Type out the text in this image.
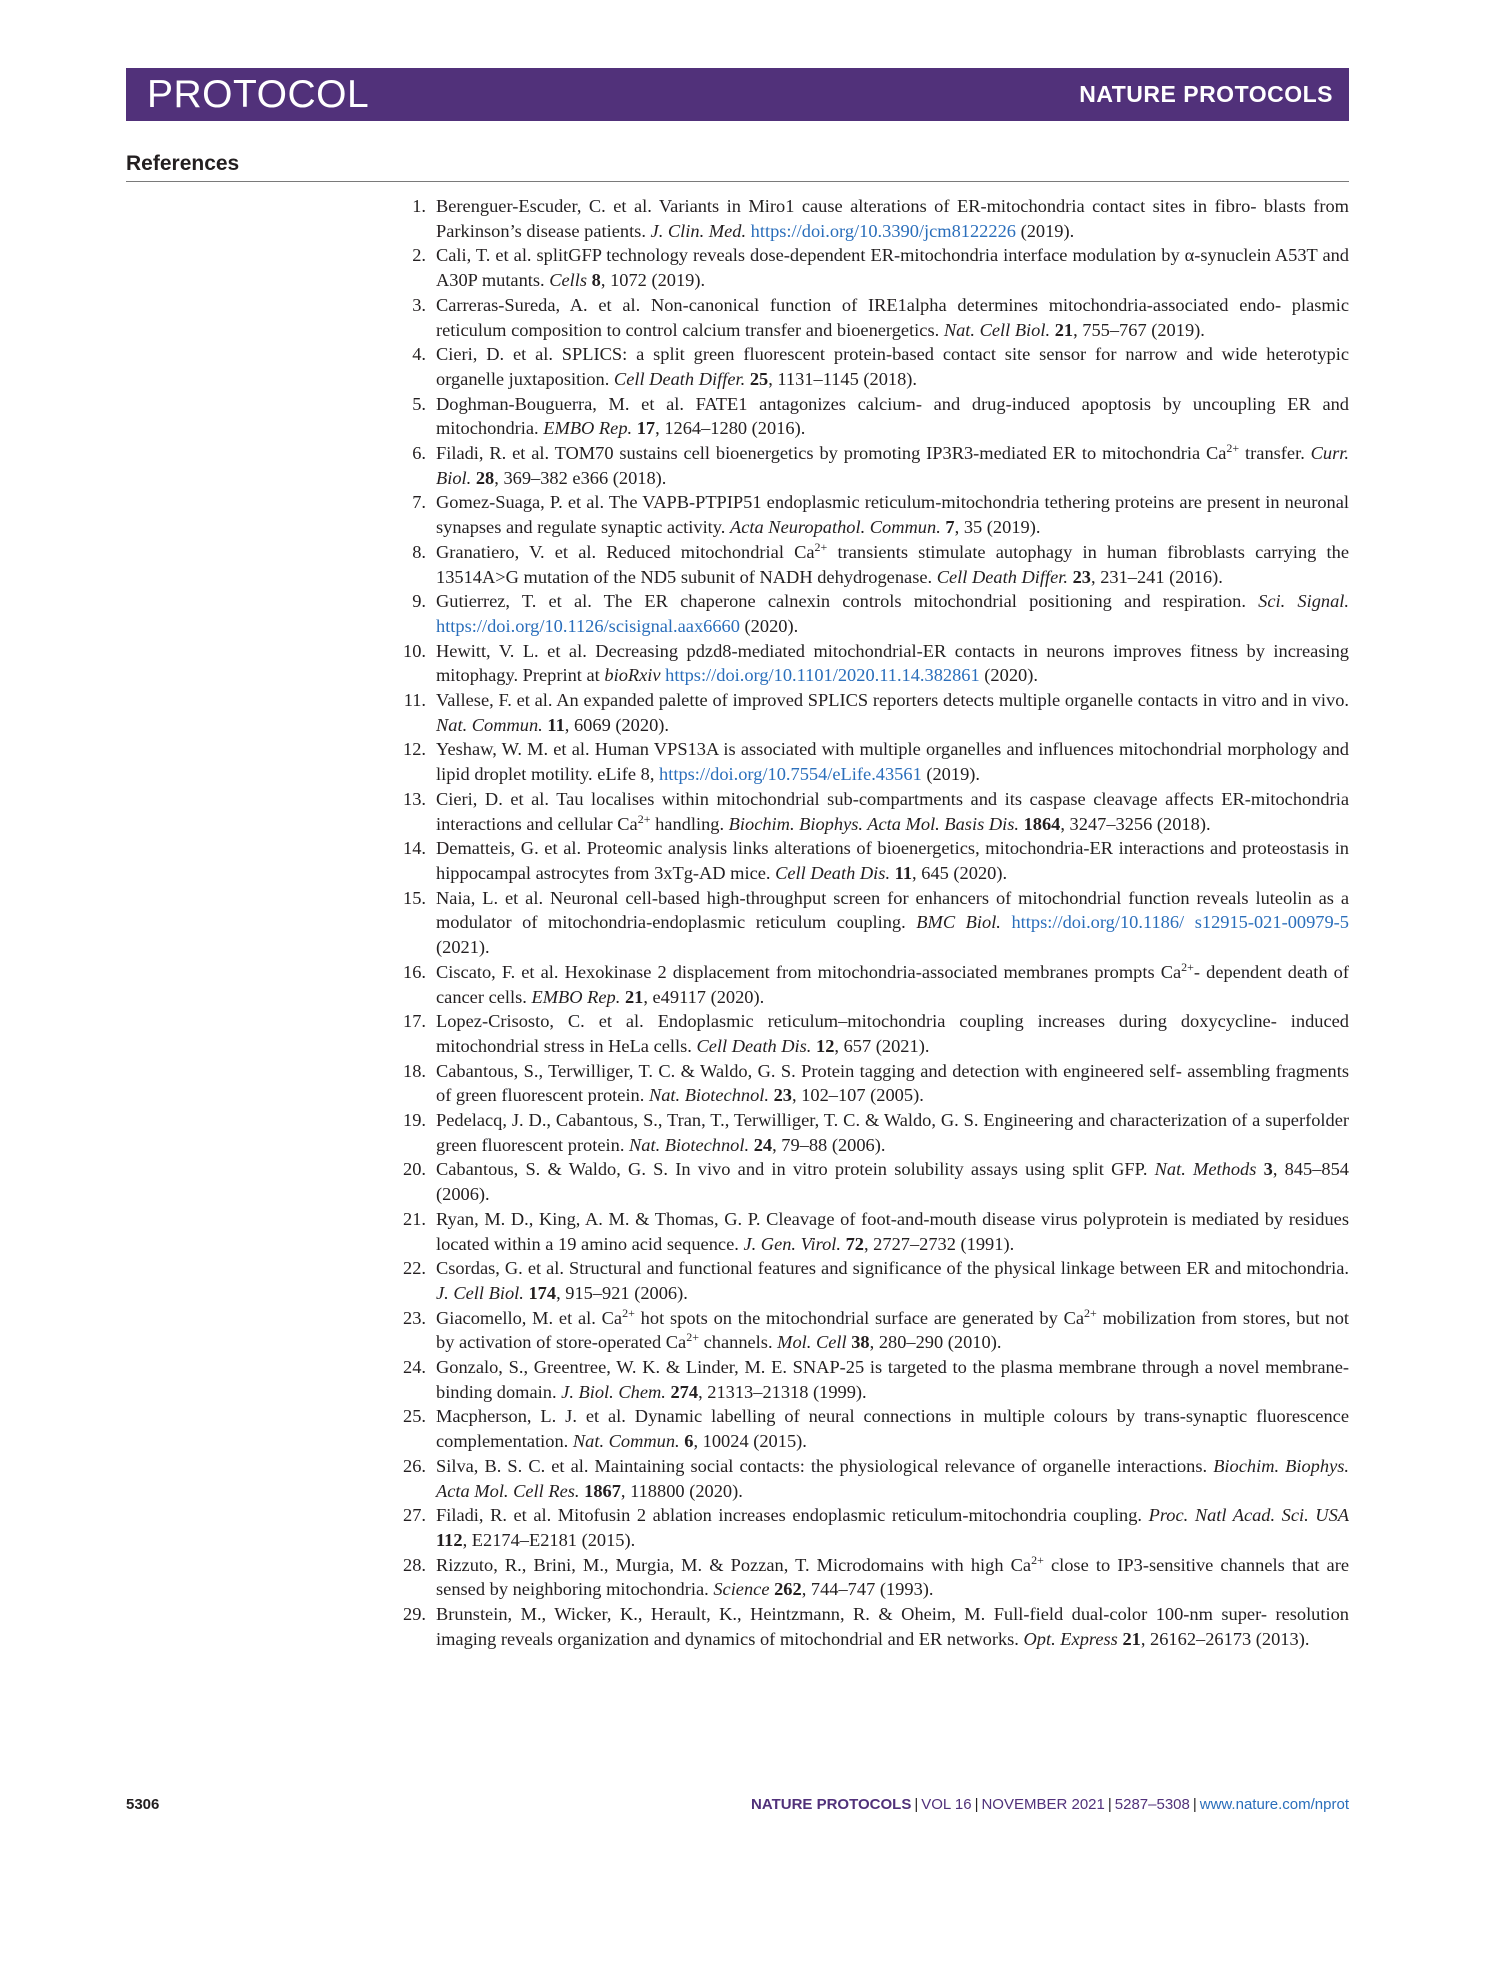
PROTOCOL	NATURE PROTOCOLS
References
1. Berenguer-Escuder, C. et al. Variants in Miro1 cause alterations of ER-mitochondria contact sites in fibro- blasts from Parkinson’s disease patients. J. Clin. Med. https://doi.org/10.3390/jcm8122226 (2019).
2. Cali, T. et al. splitGFP technology reveals dose-dependent ER-mitochondria interface modulation by α-synuclein A53T and A30P mutants. Cells 8, 1072 (2019).
3. Carreras-Sureda, A. et al. Non-canonical function of IRE1alpha determines mitochondria-associated endo- plasmic reticulum composition to control calcium transfer and bioenergetics. Nat. Cell Biol. 21, 755–767 (2019).
4. Cieri, D. et al. SPLICS: a split green fluorescent protein-based contact site sensor for narrow and wide heterotypic organelle juxtaposition. Cell Death Differ. 25, 1131–1145 (2018).
5. Doghman-Bouguerra, M. et al. FATE1 antagonizes calcium- and drug-induced apoptosis by uncoupling ER and mitochondria. EMBO Rep. 17, 1264–1280 (2016).
6. Filadi, R. et al. TOM70 sustains cell bioenergetics by promoting IP3R3-mediated ER to mitochondria $Ca^{2+}$ transfer. Curr. Biol. 28, 369–382 e366 (2018).
7. Gomez-Suaga, P. et al. The VAPB-PTPIP51 endoplasmic reticulum-mitochondria tethering proteins are present in neuronal synapses and regulate synaptic activity. Acta Neuropathol. Commun. 7, 35 (2019).
8. Granatiero, V. et al. Reduced mitochondrial $Ca^{2+}$ transients stimulate autophagy in human fibroblasts carrying the 13514A>G mutation of the ND5 subunit of NADH dehydrogenase. Cell Death Differ. 23, 231–241 (2016).
9. Gutierrez, T. et al. The ER chaperone calnexin controls mitochondrial positioning and respiration. Sci. Signal. https://doi.org/10.1126/scisignal.aax6660 (2020).
10. Hewitt, V. L. et al. Decreasing pdzd8-mediated mitochondrial-ER contacts in neurons improves fitness by increasing mitophagy. Preprint at bioRxiv https://doi.org/10.1101/2020.11.14.382861 (2020).
11. Vallese, F. et al. An expanded palette of improved SPLICS reporters detects multiple organelle contacts in vitro and in vivo. Nat. Commun. 11, 6069 (2020).
12. Yeshaw, W. M. et al. Human VPS13A is associated with multiple organelles and influences mitochondrial morphology and lipid droplet motility. eLife 8, https://doi.org/10.7554/eLife.43561 (2019).
13. Cieri, D. et al. Tau localises within mitochondrial sub-compartments and its caspase cleavage affects ER-mitochondria interactions and cellular $Ca^{2+}$ handling. Biochim. Biophys. Acta Mol. Basis Dis. 1864, 3247–3256 (2018).
14. Dematteis, G. et al. Proteomic analysis links alterations of bioenergetics, mitochondria-ER interactions and proteostasis in hippocampal astrocytes from 3xTg-AD mice. Cell Death Dis. 11, 645 (2020).
15. Naia, L. et al. Neuronal cell-based high-throughput screen for enhancers of mitochondrial function reveals luteolin as a modulator of mitochondria-endoplasmic reticulum coupling. BMC Biol. https://doi.org/10.1186/ s12915-021-00979-5 (2021).
16. Ciscato, F. et al. Hexokinase 2 displacement from mitochondria-associated membranes prompts $Ca^{2+}-$ dependent death of cancer cells. EMBO Rep. 21, e49117 (2020).
17. Lopez-Crisosto, C. et al. Endoplasmic reticulum–mitochondria coupling increases during doxycycline- induced mitochondrial stress in HeLa cells. Cell Death Dis. 12, 657 (2021).
18. Cabantous, S., Terwilliger, T. C. & Waldo, G. S. Protein tagging and detection with engineered self- assembling fragments of green fluorescent protein. Nat. Biotechnol. 23, 102–107 (2005).
19. Pedelacq, J. D., Cabantous, S., Tran, T., Terwilliger, T. C. & Waldo, G. S. Engineering and characterization of a superfolder green fluorescent protein. Nat. Biotechnol. 24, 79–88 (2006).
20. Cabantous, S. & Waldo, G. S. In vivo and in vitro protein solubility assays using split GFP. Nat. Methods 3, 845–854 (2006).
21. Ryan, M. D., King, A. M. & Thomas, G. P. Cleavage of foot-and-mouth disease virus polyprotein is mediated by residues located within a 19 amino acid sequence. J. Gen. Virol. 72, 2727–2732 (1991).
22. Csordas, G. et al. Structural and functional features and significance of the physical linkage between ER and mitochondria. J. Cell Biol. 174, 915–921 (2006).
23. Giacomello, M. et al. $Ca^{2+}$ hot spots on the mitochondrial surface are generated by $Ca^{2+}$ mobilization from stores, but not by activation of store-operated $Ca^{2+}$ channels. Mol. Cell 38, 280–290 (2010).
24. Gonzalo, S., Greentree, W. K. & Linder, M. E. SNAP-25 is targeted to the plasma membrane through a novel membrane-binding domain. J. Biol. Chem. 274, 21313–21318 (1999).
25. Macpherson, L. J. et al. Dynamic labelling of neural connections in multiple colours by trans-synaptic fluorescence complementation. Nat. Commun. 6, 10024 (2015).
26. Silva, B. S. C. et al. Maintaining social contacts: the physiological relevance of organelle interactions. Biochim. Biophys. Acta Mol. Cell Res. 1867, 118800 (2020).
27. Filadi, R. et al. Mitofusin 2 ablation increases endoplasmic reticulum-mitochondria coupling. Proc. Natl Acad. Sci. USA 112, E2174–E2181 (2015).
28. Rizzuto, R., Brini, M., Murgia, M. & Pozzan, T. Microdomains with high $Ca^{2+}$ close to IP3-sensitive channels that are sensed by neighboring mitochondria. Science 262, 744–747 (1993).
29. Brunstein, M., Wicker, K., Herault, K., Heintzmann, R. & Oheim, M. Full-field dual-color 100-nm super- resolution imaging reveals organization and dynamics of mitochondrial and ER networks. Opt. Express 21, 26162–26173 (2013).
5306	NATURE PROTOCOLS | VOL 16 | NOVEMBER 2021 | 5287–5308 | www.nature.com/nprot
